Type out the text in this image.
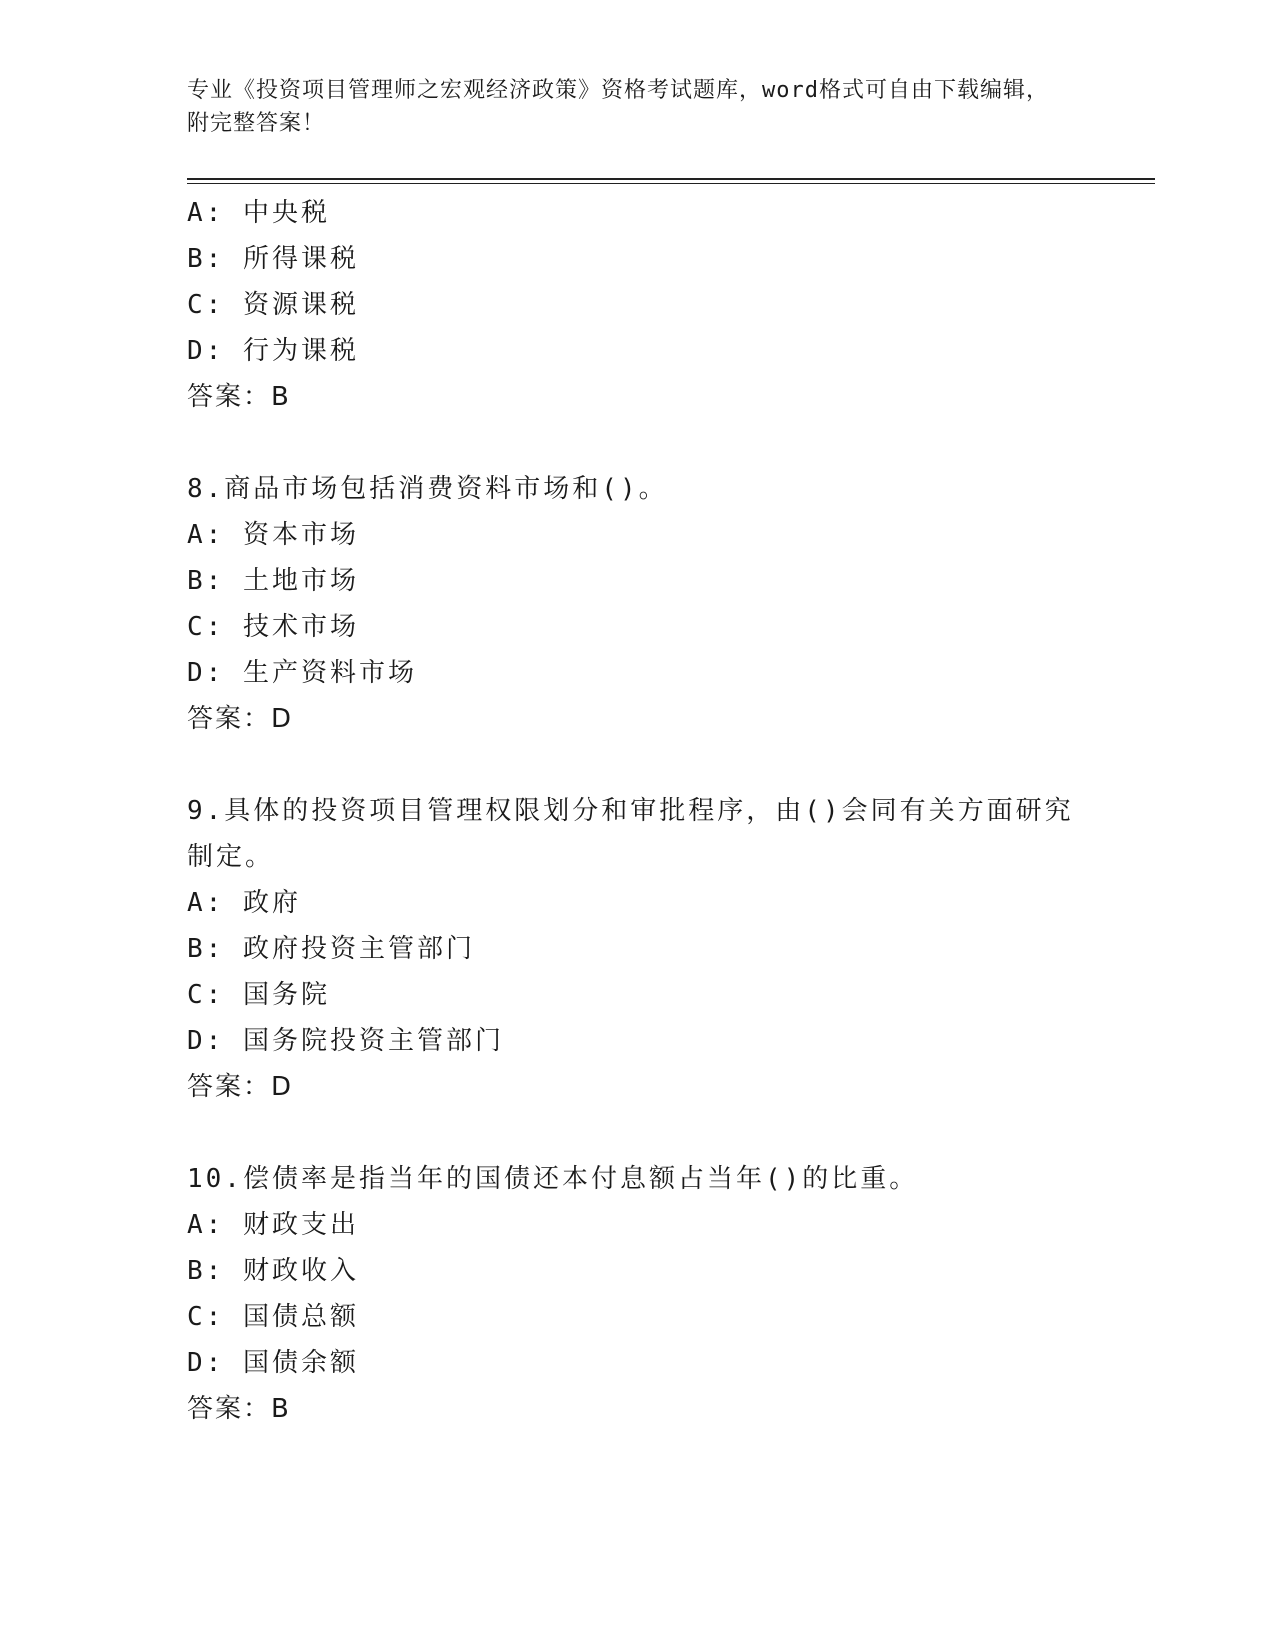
专业《投资项目管理师之宏观经济政策》资格考试题库，word格式可自由下载编辑，附完整答案！
A: 中央税
B: 所得课税
C: 资源课税
D: 行为课税
答案：B
8.商品市场包括消费资料市场和()。
A: 资本市场
B: 土地市场
C: 技术市场
D: 生产资料市场
答案：D
9.具体的投资项目管理权限划分和审批程序，由()会同有关方面研究
制定。
A: 政府
B: 政府投资主管部门
C: 国务院
D: 国务院投资主管部门
答案：D
10.偿债率是指当年的国债还本付息额占当年()的比重。
A: 财政支出
B: 财政收入
C: 国债总额
D: 国债余额
答案：B
